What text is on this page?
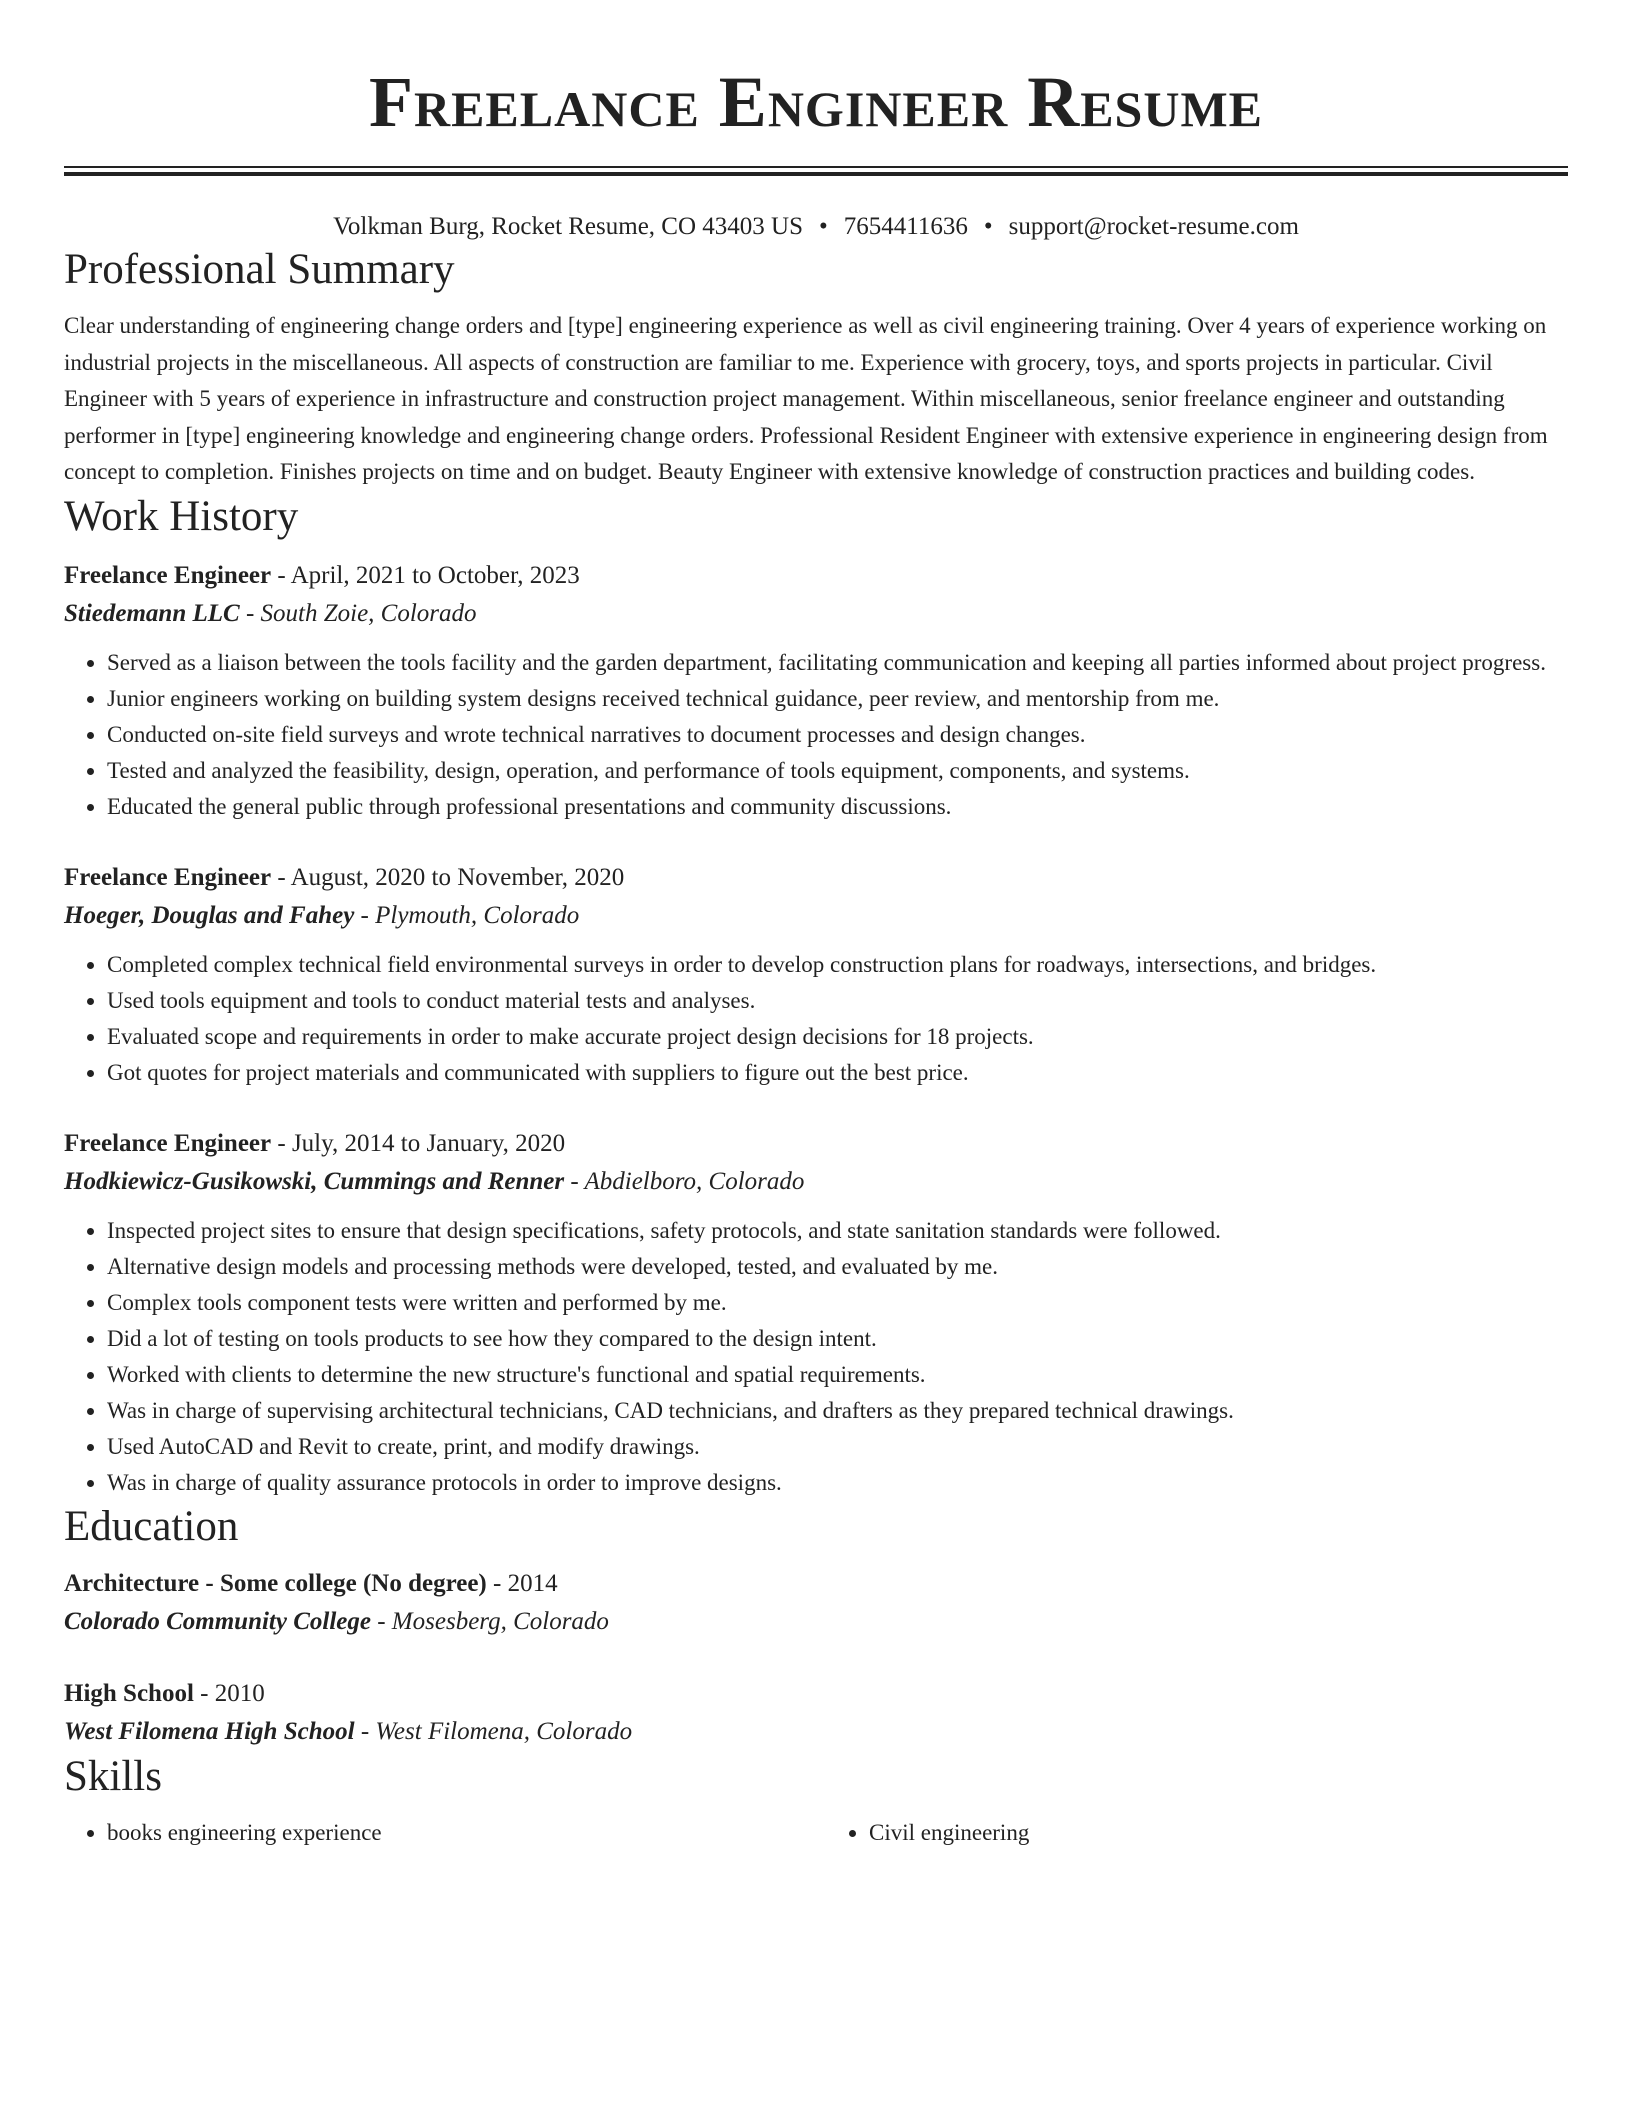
Freelance Engineer Resume
Volkman Burg, Rocket Resume, CO 43403 US • 7654411636 • support@rocket-resume.com
Professional Summary

Clear understanding of engineering change orders and [type] engineering experience as well as civil engineering training. Over 4 years of experience working on industrial projects in the miscellaneous. All aspects of construction are familiar to me. Experience with grocery, toys, and sports projects in particular. Civil Engineer with 5 years of experience in infrastructure and construction project management. Within miscellaneous, senior freelance engineer and outstanding performer in [type] engineering knowledge and engineering change orders. Professional Resident Engineer with extensive experience in engineering design from concept to completion. Finishes projects on time and on budget. Beauty Engineer with extensive knowledge of construction practices and building codes.

Work History
Freelance Engineer - April, 2021 to October, 2023
Stiedemann LLC - South Zoie, Colorado
• Served as a liaison between the tools facility and the garden department, facilitating communication and keeping all parties informed about project progress.
• Junior engineers working on building system designs received technical guidance, peer review, and mentorship from me.
• Conducted on-site field surveys and wrote technical narratives to document processes and design changes.
• Tested and analyzed the feasibility, design, operation, and performance of tools equipment, components, and systems.
• Educated the general public through professional presentations and community discussions.
Freelance Engineer - August, 2020 to November, 2020
Hoeger, Douglas and Fahey - Plymouth, Colorado
• Completed complex technical field environmental surveys in order to develop construction plans for roadways, intersections, and bridges.
• Used tools equipment and tools to conduct material tests and analyses.
• Evaluated scope and requirements in order to make accurate project design decisions for 18 projects.
• Got quotes for project materials and communicated with suppliers to figure out the best price.
Freelance Engineer - July, 2014 to January, 2020
Hodkiewicz-Gusikowski, Cummings and Renner - Abdielboro, Colorado
• Inspected project sites to ensure that design specifications, safety protocols, and state sanitation standards were followed.
• Alternative design models and processing methods were developed, tested, and evaluated by me.
• Complex tools component tests were written and performed by me.
• Did a lot of testing on tools products to see how they compared to the design intent.
• Worked with clients to determine the new structure's functional and spatial requirements.
• Was in charge of supervising architectural technicians, CAD technicians, and drafters as they prepared technical drawings.
• Used AutoCAD and Revit to create, print, and modify drawings.
• Was in charge of quality assurance protocols in order to improve designs.
Education
Architecture - Some college (No degree) - 2014
Colorado Community College - Mosesberg, Colorado
High School - 2010
West Filomena High School - West Filomena, Colorado
Skills
• books engineering experience
•	Civil engineering
